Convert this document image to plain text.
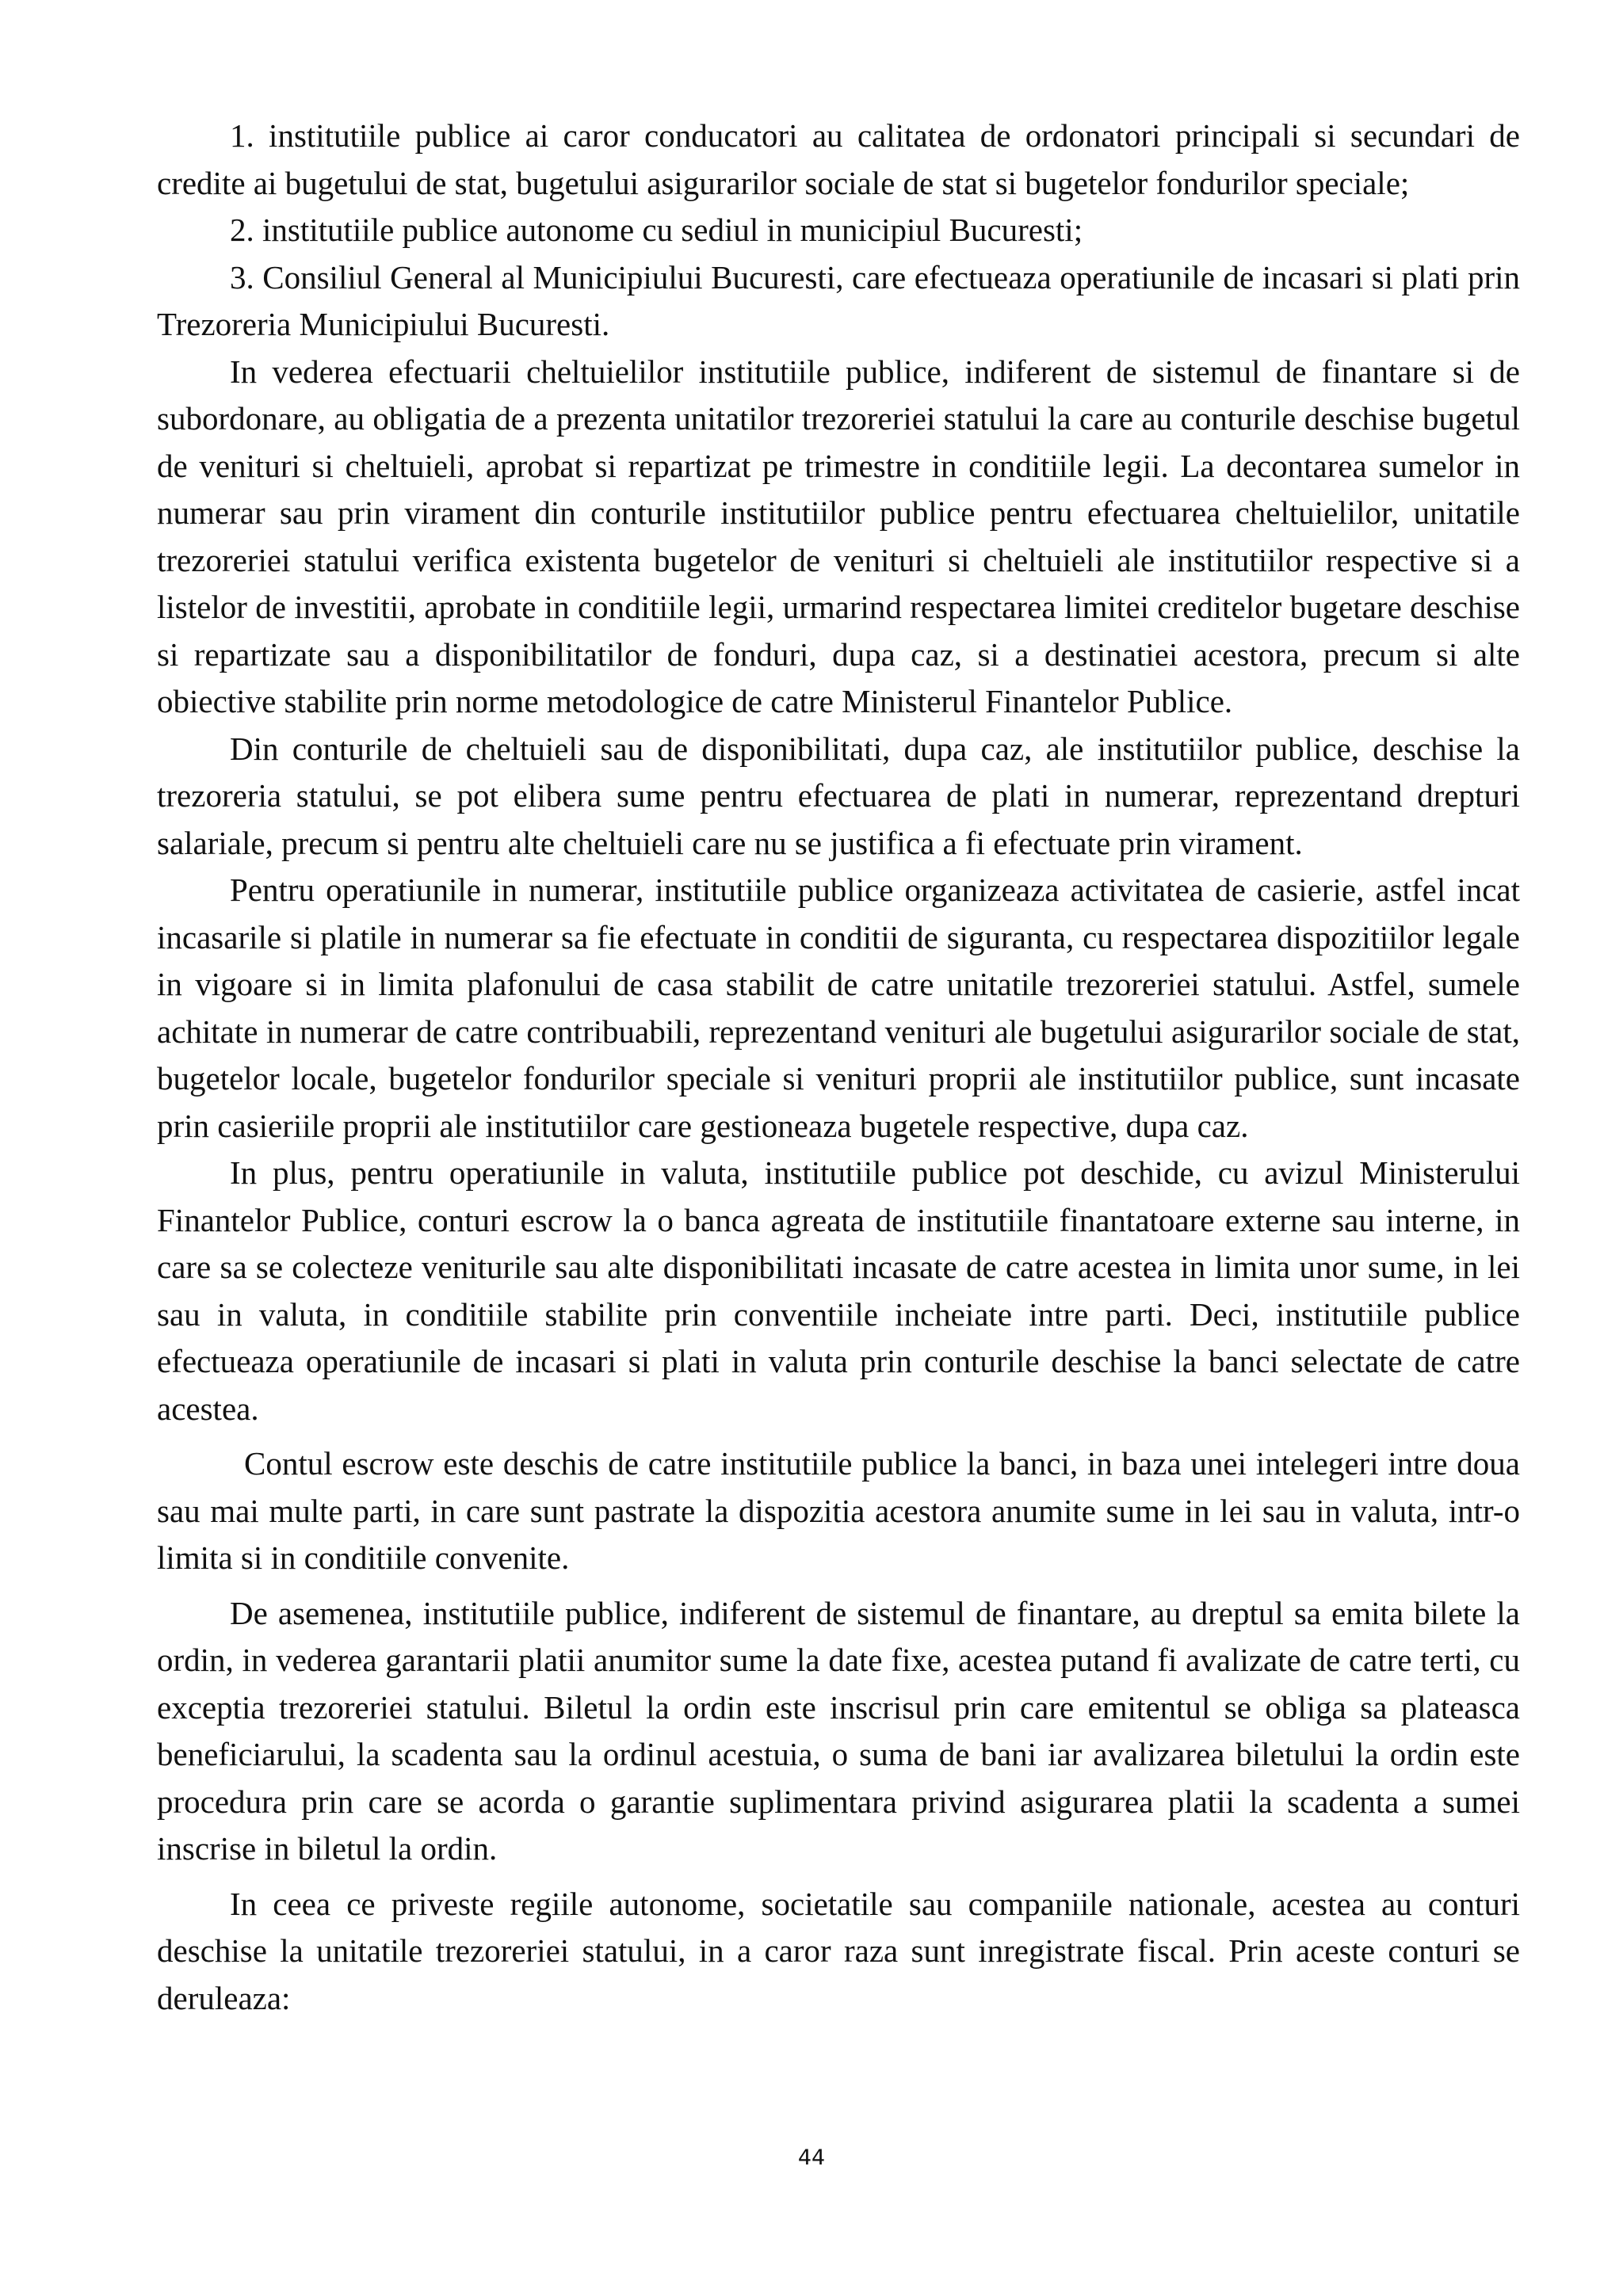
1. institutiile publice ai caror conducatori au calitatea de ordonatori principali si secundari de credite ai bugetului de stat, bugetului asigurarilor sociale de stat si bugetelor fondurilor speciale;

2. institutiile publice autonome cu sediul in municipiul Bucuresti;

3. Consiliul General al Municipiului Bucuresti, care efectueaza operatiunile de incasari si plati prin Trezoreria Municipiului Bucuresti.

In vederea efectuarii cheltuielilor institutiile publice, indiferent de sistemul de finantare si de subordonare, au obligatia de a prezenta unitatilor trezoreriei statului la care au conturile deschise bugetul de venituri si cheltuieli, aprobat si repartizat pe trimestre in conditiile legii. La decontarea sumelor in numerar sau prin virament din conturile institutiilor publice pentru efectuarea cheltuielilor, unitatile trezoreriei statului verifica existenta bugetelor de venituri si cheltuieli ale institutiilor respective si a listelor de investitii, aprobate in conditiile legii, urmarind respectarea limitei creditelor bugetare deschise si repartizate sau a disponibilitatilor de fonduri, dupa caz, si a destinatiei acestora, precum si alte obiective stabilite prin norme metodologice de catre Ministerul Finantelor Publice.

Din conturile de cheltuieli sau de disponibilitati, dupa caz, ale institutiilor publice, deschise la trezoreria statului, se pot elibera sume pentru efectuarea de plati in numerar, reprezentand drepturi salariale, precum si pentru alte cheltuieli care nu se justifica a fi efectuate prin virament.

Pentru operatiunile in numerar, institutiile publice organizeaza activitatea de casierie, astfel incat incasarile si platile in numerar sa fie efectuate in conditii de siguranta, cu respectarea dispozitiilor legale in vigoare si in limita plafonului de casa stabilit de catre unitatile trezoreriei statului. Astfel, sumele achitate in numerar de catre contribuabili, reprezentand venituri ale bugetului asigurarilor sociale de stat, bugetelor locale, bugetelor fondurilor speciale si venituri proprii ale institutiilor publice, sunt incasate prin casieriile proprii ale institutiilor care gestioneaza bugetele respective, dupa caz.

In plus, pentru operatiunile in valuta, institutiile publice pot deschide, cu avizul Ministerului Finantelor Publice, conturi escrow la o banca agreata de institutiile finantatoare externe sau interne, in care sa se colecteze veniturile sau alte disponibilitati incasate de catre acestea in limita unor sume, in lei sau in valuta, in conditiile stabilite prin conventiile incheiate intre parti. Deci, institutiile publice efectueaza operatiunile de incasari si plati in valuta prin conturile deschise la banci selectate de catre acestea.

Contul escrow este deschis de catre institutiile publice la banci, in baza unei intelegeri intre doua sau mai multe parti, in care sunt pastrate la dispozitia acestora anumite sume in lei sau in valuta, intr-o limita si in conditiile convenite.

De asemenea, institutiile publice, indiferent de sistemul de finantare, au dreptul sa emita bilete la ordin, in vederea garantarii platii anumitor sume la date fixe, acestea putand fi avalizate de catre terti, cu exceptia trezoreriei statului. Biletul la ordin este inscrisul prin care emitentul se obliga sa plateasca beneficiarului, la scadenta sau la ordinul acestuia, o suma de bani iar avalizarea biletului la ordin este procedura prin care se acorda o garantie suplimentara privind asigurarea platii la scadenta a sumei inscrise in biletul la ordin.

In ceea ce priveste regiile autonome, societatile sau companiile nationale, acestea au conturi deschise la unitatile trezoreriei statului, in a caror raza sunt inregistrate fiscal. Prin aceste conturi se deruleaza:

44
